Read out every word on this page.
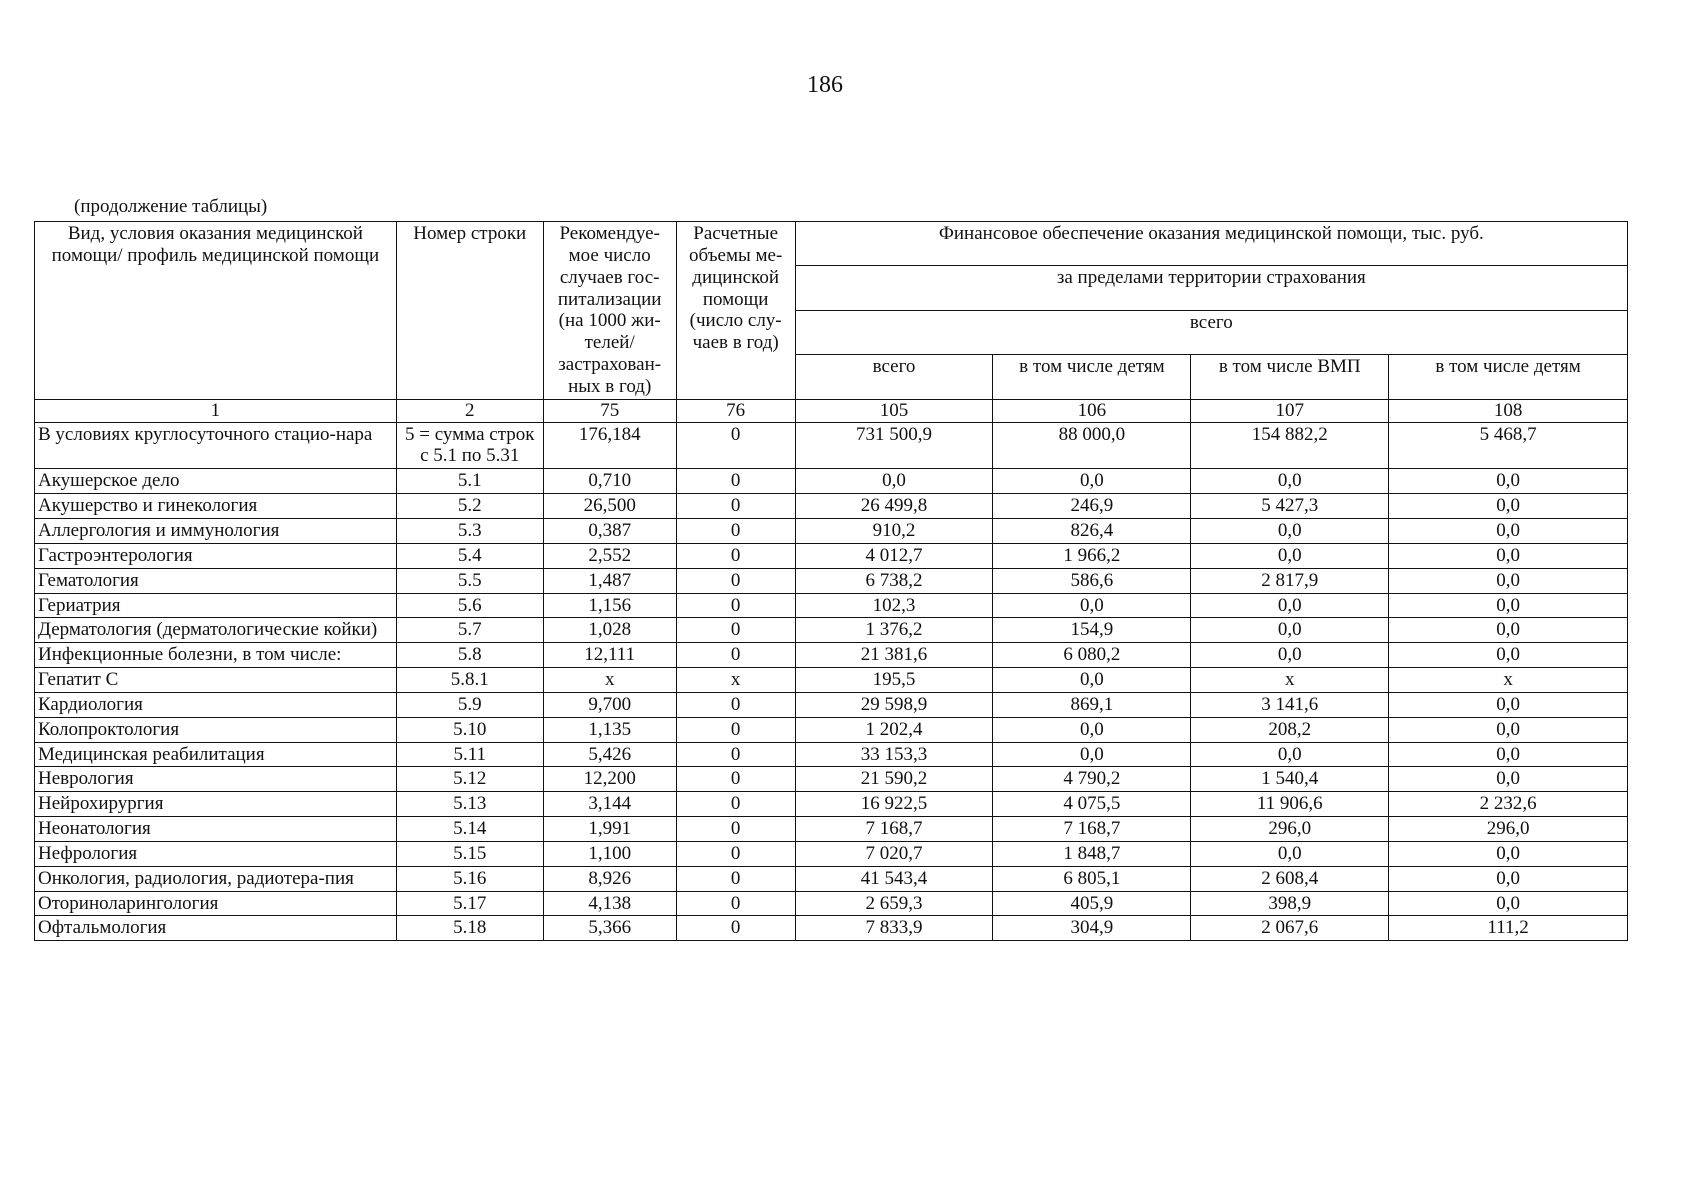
186
(продолжение таблицы)
Вид, условия оказания медицинской помощи/ профиль медицинской помощи	Номер строки	Рекомендуе-мое число случаев гос-питализации (на 1000 жи-телей/ застрахован-ных в год)	Расчетные объемы ме-дицинской помощи (число слу-чаев в год)	Финансовое обеспечение оказания медицинской помощи, тыс. руб.			
				за пределами территории страхования			
				всего			
				всего	в том числе детям	в том числе ВМП	в том числе детям
1	2	75	76	105	106	107	108
В условиях круглосуточного стацио-нара	5 = сумма строк с 5.1 по 5.31	176,184	0	731 500,9	88 000,0	154 882,2	5 468,7
Акушерское дело	5.1	0,710	0	0,0	0,0	0,0	0,0
Акушерство и гинекология	5.2	26,500	0	26 499,8	246,9	5 427,3	0,0
Аллергология и иммунология	5.3	0,387	0	910,2	826,4	0,0	0,0
Гастроэнтерология	5.4	2,552	0	4 012,7	1 966,2	0,0	0,0
Гематология	5.5	1,487	0	6 738,2	586,6	2 817,9	0,0
Гериатрия	5.6	1,156	0	102,3	0,0	0,0	0,0
Дерматология (дерматологические койки)	5.7	1,028	0	1 376,2	154,9	0,0	0,0
Инфекционные болезни, в том числе:	5.8	12,111	0	21 381,6	6 080,2	0,0	0,0
Гепатит С	5.8.1	х	х	195,5	0,0	х	х
Кардиология	5.9	9,700	0	29 598,9	869,1	3 141,6	0,0
Колопроктология	5.10	1,135	0	1 202,4	0,0	208,2	0,0
Медицинская реабилитация	5.11	5,426	0	33 153,3	0,0	0,0	0,0
Неврология	5.12	12,200	0	21 590,2	4 790,2	1 540,4	0,0
Нейрохирургия	5.13	3,144	0	16 922,5	4 075,5	11 906,6	2 232,6
Неонатология	5.14	1,991	0	7 168,7	7 168,7	296,0	296,0
Нефрология	5.15	1,100	0	7 020,7	1 848,7	0,0	0,0
Онкология, радиология, радиотера-пия	5.16	8,926	0	41 543,4	6 805,1	2 608,4	0,0
Оториноларингология	5.17	4,138	0	2 659,3	405,9	398,9	0,0
Офтальмология	5.18	5,366	0	7 833,9	304,9	2 067,6	111,2
